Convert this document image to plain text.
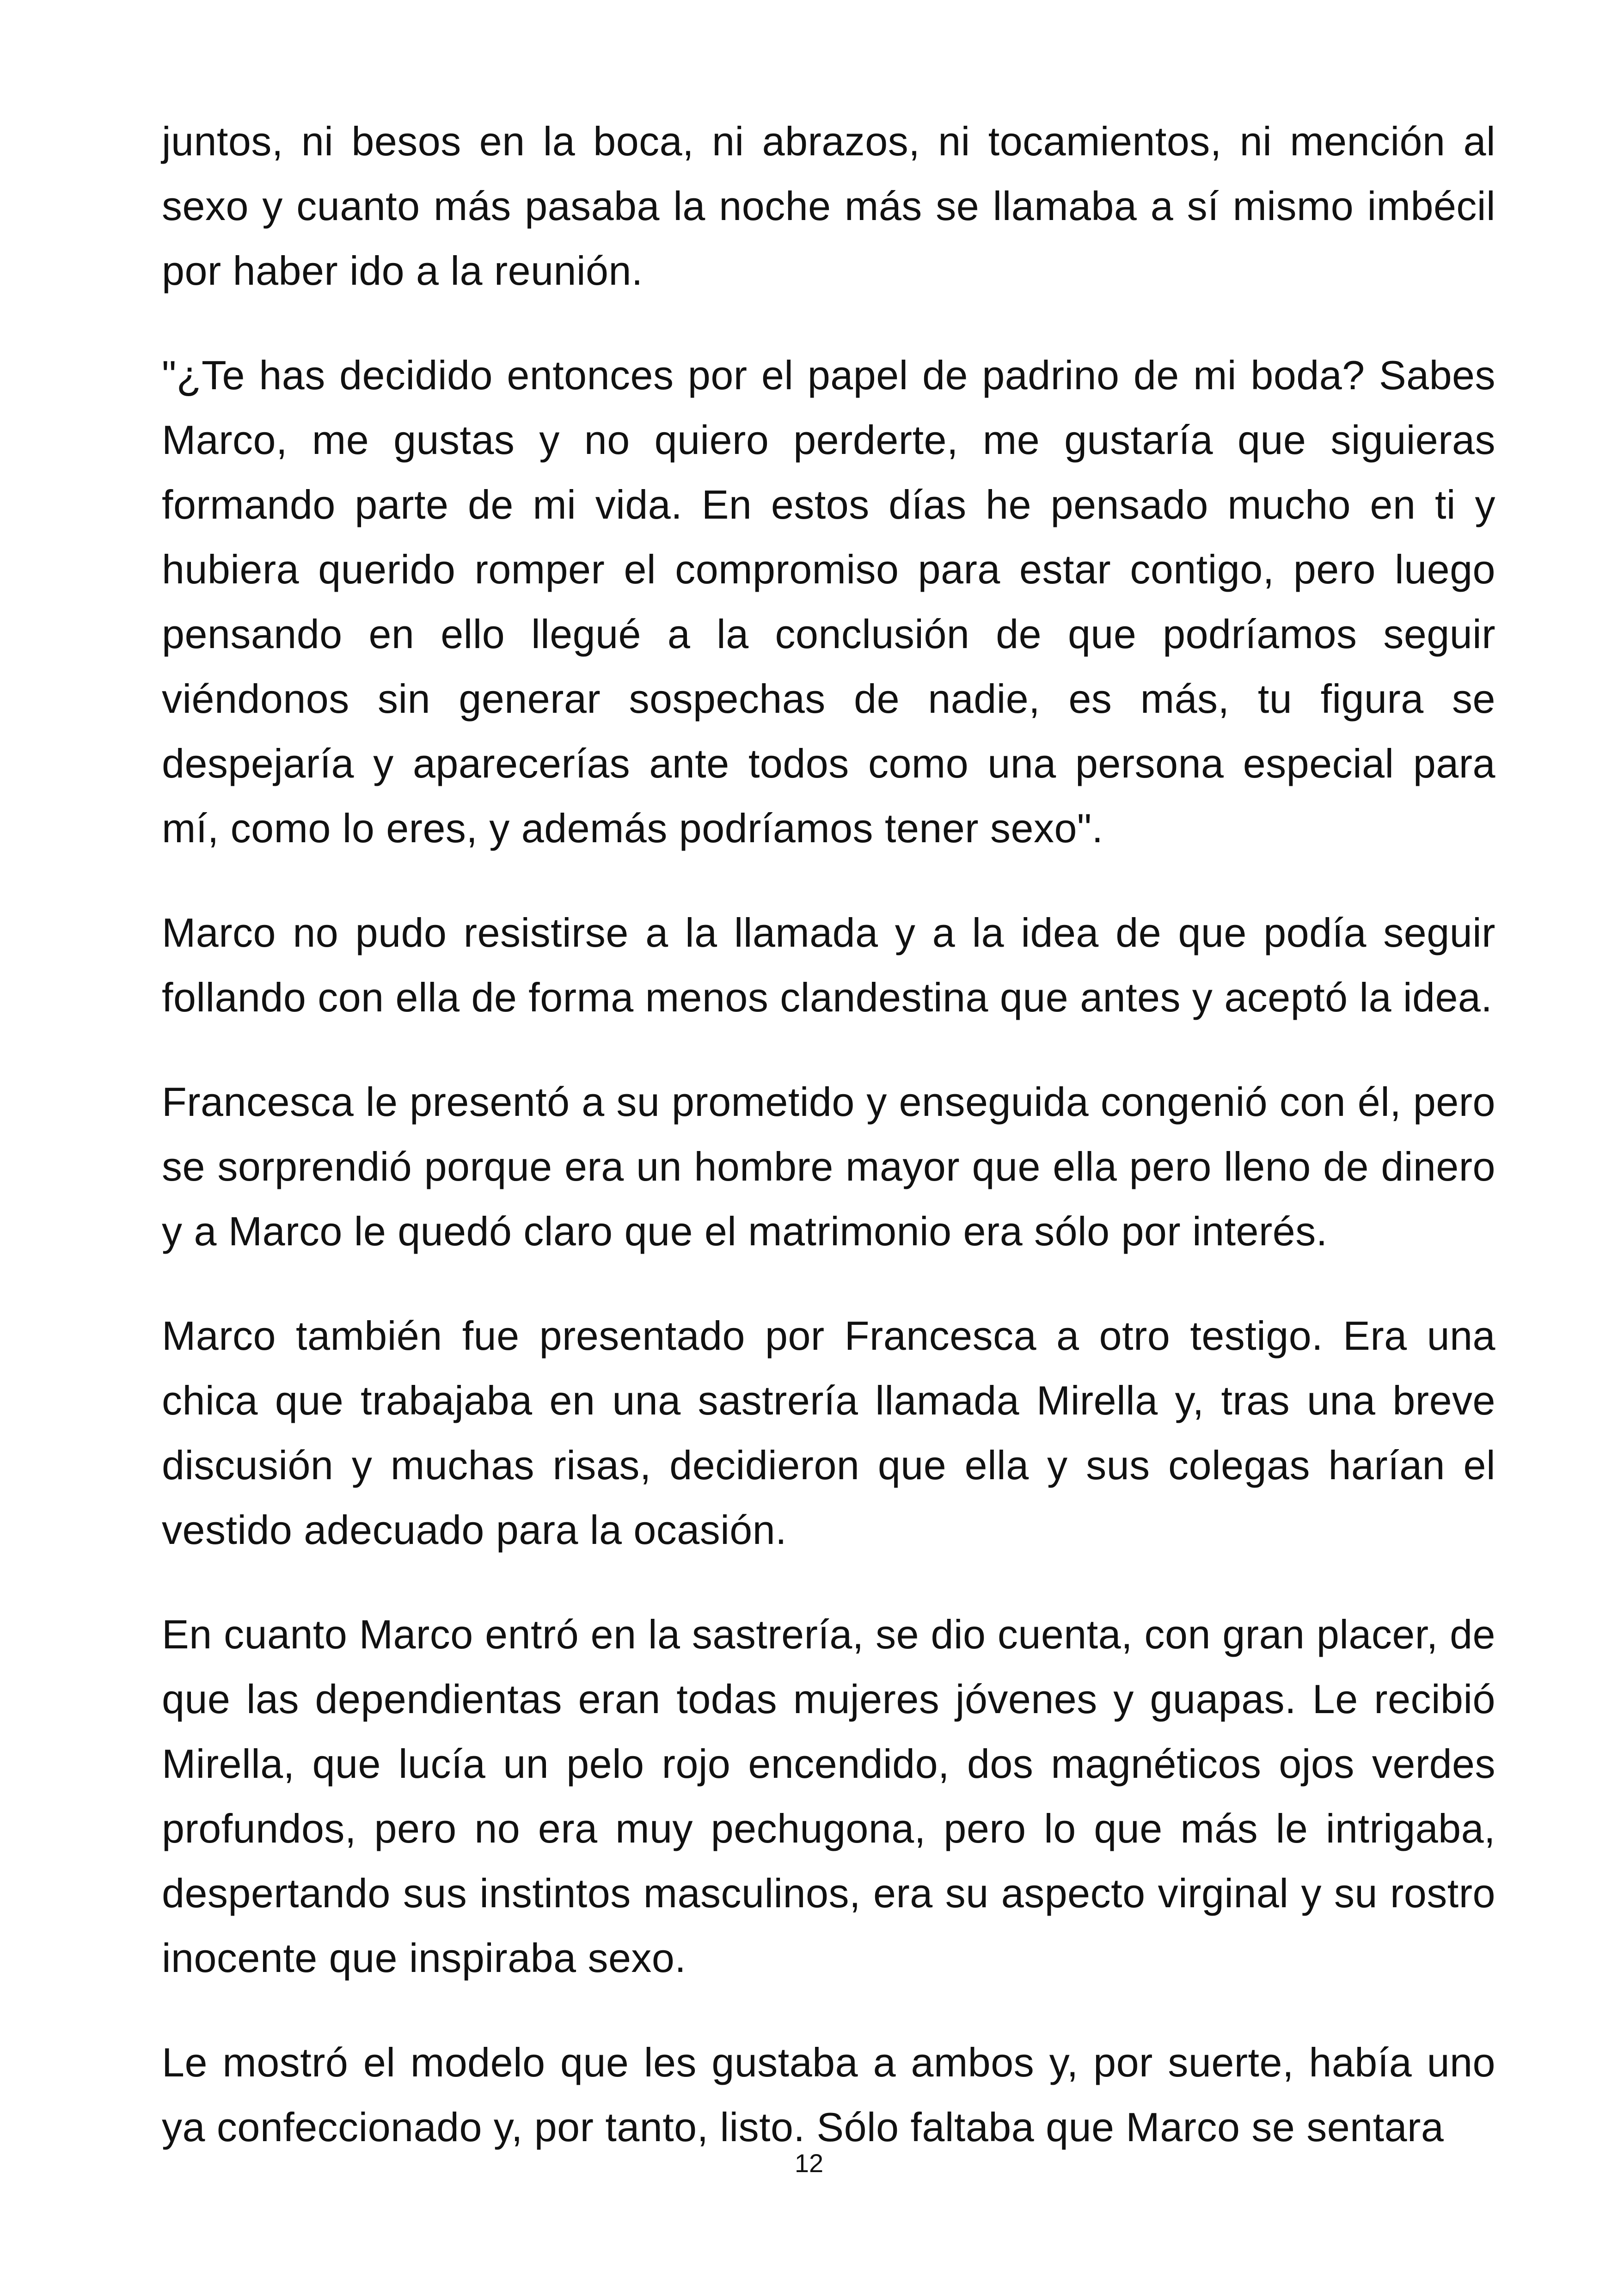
juntos, ni besos en la boca, ni abrazos, ni tocamientos, ni mención al sexo y cuanto más pasaba la noche más se llamaba a sí mismo imbécil por haber ido a la reunión.

"¿Te has decidido entonces por el papel de padrino de mi boda? Sabes Marco, me gustas y no quiero perderte, me gustaría que siguieras formando parte de mi vida. En estos días he pensado mucho en ti y hubiera querido romper el compromiso para estar contigo, pero luego pensando en ello llegué a la conclusión de que podríamos seguir viéndonos sin generar sospechas de nadie, es más, tu figura se despejaría y aparecerías ante todos como una persona especial para mí, como lo eres, y además podríamos tener sexo".

Marco no pudo resistirse a la llamada y a la idea de que podía seguir follando con ella de forma menos clandestina que antes y aceptó la idea.

Francesca le presentó a su prometido y enseguida congenió con él, pero se sorprendió porque era un hombre mayor que ella pero lleno de dinero y a Marco le quedó claro que el matrimonio era sólo por interés.

Marco también fue presentado por Francesca a otro testigo. Era una chica que trabajaba en una sastrería llamada Mirella y, tras una breve discusión y muchas risas, decidieron que ella y sus colegas harían el vestido adecuado para la ocasión.

En cuanto Marco entró en la sastrería, se dio cuenta, con gran placer, de que las dependientas eran todas mujeres jóvenes y guapas. Le recibió Mirella, que lucía un pelo rojo encendido, dos magnéticos ojos verdes profundos, pero no era muy pechugona, pero lo que más le intrigaba, despertando sus instintos masculinos, era su aspecto virginal y su rostro inocente que inspiraba sexo.

Le mostró el modelo que les gustaba a ambos y, por suerte, había uno ya confeccionado y, por tanto, listo. Sólo faltaba que Marco se sentara

12
